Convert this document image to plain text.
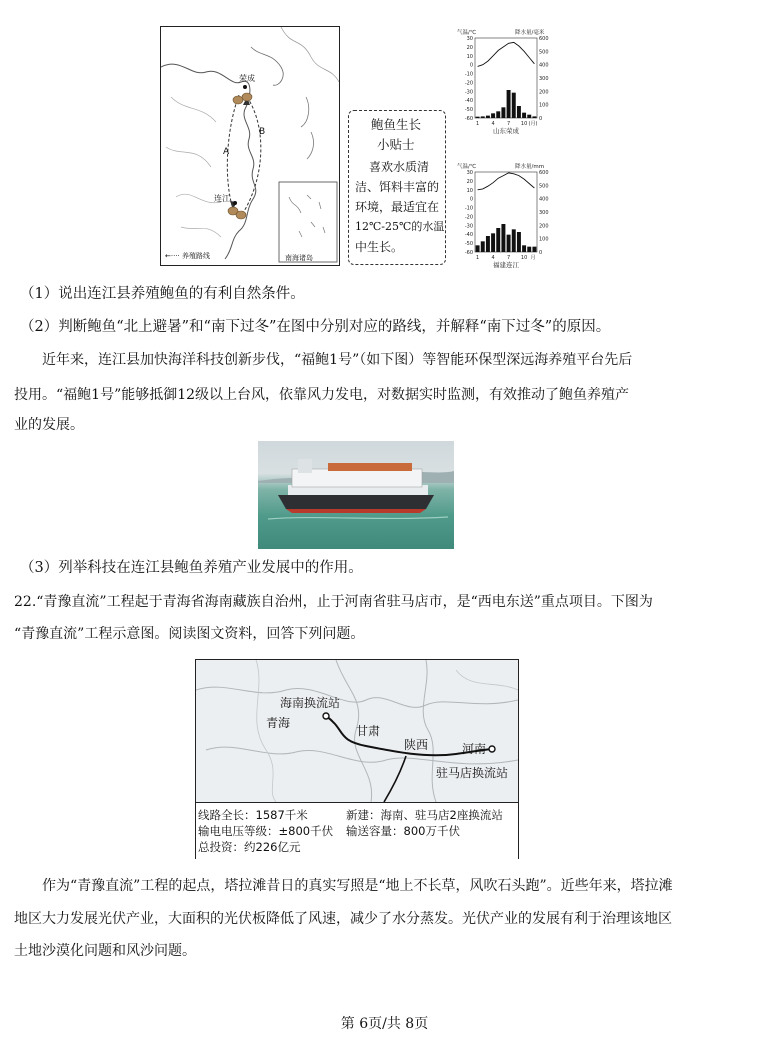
荣成
连江
A
B
←···· 养殖路线	南海诸岛
鲍鱼生长
小贴士
喜欢水质清
洁、饵料丰富的
环境，最适宜在
12℃-25℃的水温
中生长。
气温/℃	降水量/毫米
30
20
10
0
-10
-20
-30
-40
-50
-60
600
500
400
300
200
100
0
1 4 7 10 (月)
山东荣成
气温/℃	降水量/mm
30
20
10
0
-10
-20
-30
-40
-50
-60
600
500
400
300
200
100
0
1 4 7 10 月
福建连江
（1）说出连江县养殖鲍鱼的有利自然条件。
（2）判断鲍鱼“北上避暑”和“南下过冬”在图中分别对应的路线，并解释“南下过冬”的原因。
近年来，连江县加快海洋科技创新步伐，“福鲍1号”（如下图）等智能环保型深远海养殖平台先后
投用。“福鲍1号”能够抵御12级以上台风，依靠风力发电，对数据实时监测，有效推动了鲍鱼养殖产
业的发展。
（3）列举科技在连江县鲍鱼养殖产业发展中的作用。
22.“青豫直流”工程起于青海省海南藏族自治州，止于河南省驻马店市，是“西电东送”重点项目。下图为
“青豫直流”工程示意图。阅读图文资料，回答下列问题。
海南换流站
青海
甘肃
陕西	河南
驻马店换流站
线路全长：1587千米
输电电压等级：±800千伏
总投资：约226亿元
新建：海南、驻马店2座换流站
输送容量：800万千伏
作为“青豫直流”工程的起点，塔拉滩昔日的真实写照是“地上不长草，风吹石头跑”。近些年来，塔拉滩
地区大力发展光伏产业，大面积的光伏板降低了风速，减少了水分蒸发。光伏产业的发展有利于治理该地区
土地沙漠化问题和风沙问题。
第 6页/共 8页
